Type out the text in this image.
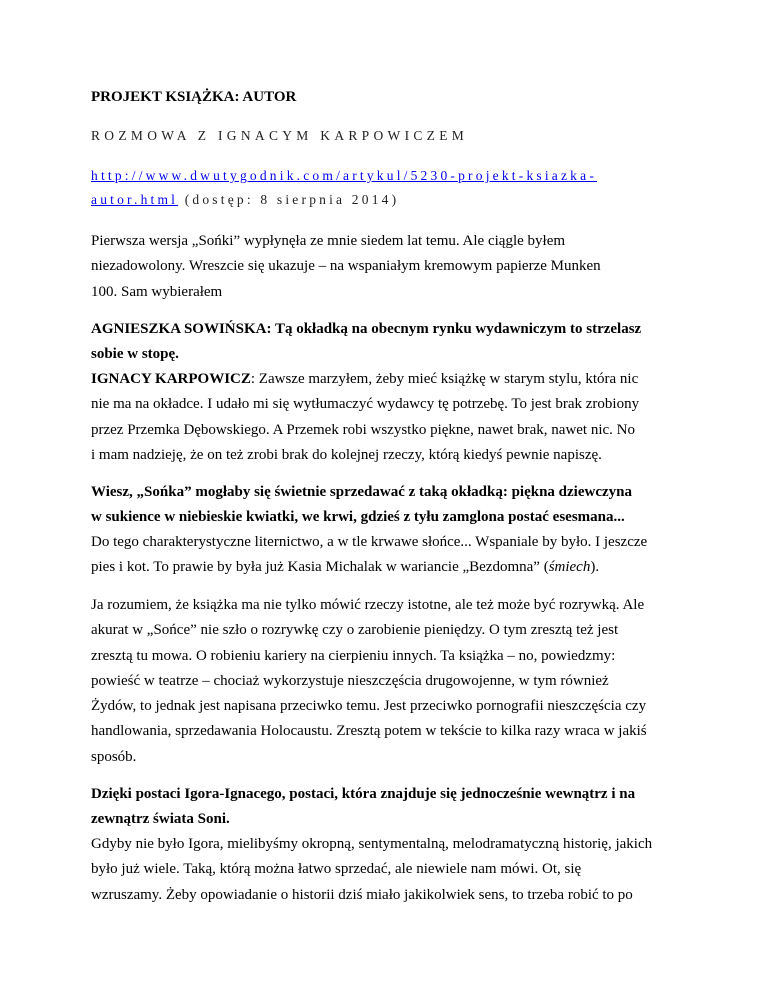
PROJEKT KSIĄŻKA: AUTOR
ROZMOWA Z IGNACYM KARPOWICZEM
http://www.dwutygodnik.com/artykul/5230-projekt-ksiazka-
autor.html (dostęp: 8 sierpnia 2014)
Pierwsza wersja „Sońki” wypłynęła ze mnie siedem lat temu. Ale ciągle byłem
niezadowolony. Wreszcie się ukazuje – na wspaniałym kremowym papierze Munken
100. Sam wybierałem
AGNIESZKA SOWIŃSKA: Tą okładką na obecnym rynku wydawniczym to strzelasz
sobie w stopę.
IGNACY KARPOWICZ: Zawsze marzyłem, żeby mieć książkę w starym stylu, która nic
nie ma na okładce. I udało mi się wytłumaczyć wydawcy tę potrzebę. To jest brak zrobiony
przez Przemka Dębowskiego. A Przemek robi wszystko piękne, nawet brak, nawet nic. No
i mam nadzieję, że on też zrobi brak do kolejnej rzeczy, którą kiedyś pewnie napiszę.
Wiesz, „Sońka” mogłaby się świetnie sprzedawać z taką okładką: piękna dziewczyna
w sukience w niebieskie kwiatki, we krwi, gdzieś z tyłu zamglona postać esesmana...
Do tego charakterystyczne liternictwo, a w tle krwawe słońce... Wspaniale by było. I jeszcze
pies i kot. To prawie by była już Kasia Michalak w wariancie „Bezdomna” (śmiech).
Ja rozumiem, że książka ma nie tylko mówić rzeczy istotne, ale też może być rozrywką. Ale
akurat w „Sońce” nie szło o rozrywkę czy o zarobienie pieniędzy. O tym zresztą też jest
zresztą tu mowa. O robieniu kariery na cierpieniu innych. Ta książka – no, powiedzmy:
powieść w teatrze – chociaż wykorzystuje nieszczęścia drugowojenne, w tym również
Żydów, to jednak jest napisana przeciwko temu. Jest przeciwko pornografii nieszczęścia czy
handlowania, sprzedawania Holocaustu. Zresztą potem w tekście to kilka razy wraca w jakiś
sposób.
Dzięki postaci Igora-Ignacego, postaci, która znajduje się jednocześnie wewnątrz i na
zewnątrz świata Soni.
Gdyby nie było Igora, mielibyśmy okropną, sentymentalną, melodramatyczną historię, jakich
było już wiele. Taką, którą można łatwo sprzedać, ale niewiele nam mówi. Ot, się
wzruszamy. Żeby opowiadanie o historii dziś miało jakikolwiek sens, to trzeba robić to po
